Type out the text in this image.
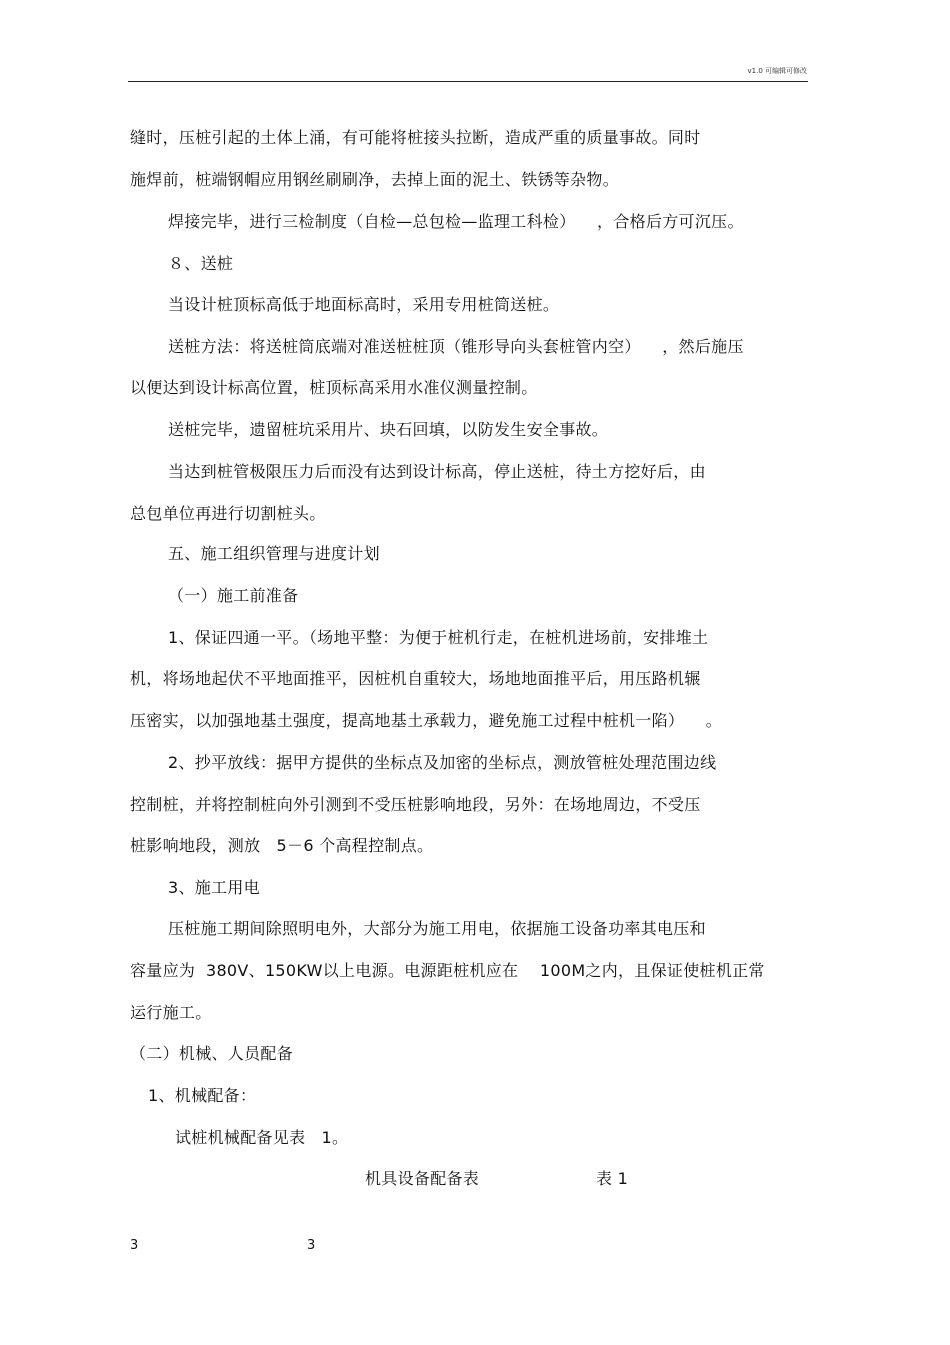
v1.0 可编辑可修改
缝时，压桩引起的土体上涌，有可能将桩接头拉断，造成严重的质量事故。同时
施焊前，桩端钢帽应用钢丝刷刷净，去掉上面的泥土、铁锈等杂物。
焊接完毕，进行三检制度（自检—总包检—监理工科检）    ，合格后方可沉压。
８、送桩
当设计桩顶标高低于地面标高时，采用专用桩筒送桩。
送桩方法：将送桩筒底端对准送桩桩顶（锥形导向头套桩管内空）    ，然后施压
以便达到设计标高位置，桩顶标高采用水准仪测量控制。
送桩完毕，遗留桩坑采用片、块石回填，以防发生安全事故。
当达到桩管极限压力后而没有达到设计标高，停止送桩，待土方挖好后，由
总包单位再进行切割桩头。
五、施工组织管理与进度计划
（一）施工前准备
1、保证四通一平。（场地平整：为便于桩机行走，在桩机进场前，安排堆土
机，将场地起伏不平地面推平，因桩机自重较大，场地地面推平后，用压路机辗
压密实，以加强地基土强度，提高地基土承载力，避免施工过程中桩机一陷）    。
2、抄平放线：据甲方提供的坐标点及加密的坐标点，测放管桩处理范围边线
控制桩，并将控制桩向外引测到不受压桩影响地段，另外：在场地周边，不受压
桩影响地段，测放   5－6 个高程控制点。
3、施工用电
压桩施工期间除照明电外，大部分为施工用电，依据施工设备功率其电压和
容量应为  380V、150KW以上电源。电源距桩机应在    100M之内，且保证使桩机正常
运行施工。
（二）机械、人员配备
1、机械配备：
试桩机械配备见表   1。
机具设备配备表	表 1
3	3
